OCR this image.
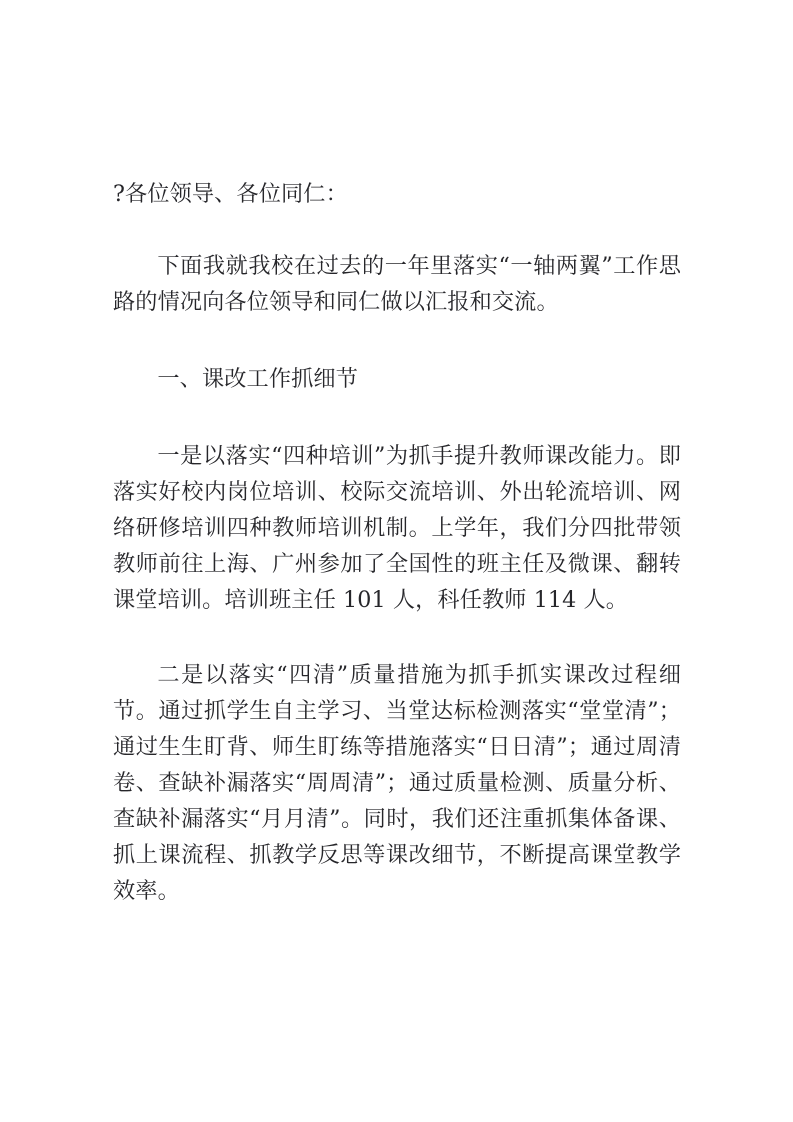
?各位领导、各位同仁：

下面我就我校在过去的一年里落实“一轴两翼”工作思路的情况向各位领导和同仁做以汇报和交流。

一、课改工作抓细节

一是以落实“四种培训”为抓手提升教师课改能力。即落实好校内岗位培训、校际交流培训、外出轮流培训、网络研修培训四种教师培训机制。上学年，我们分四批带领教师前往上海、广州参加了全国性的班主任及微课、翻转课堂培训。培训班主任 101 人，科任教师 114 人。

二是以落实“四清”质量措施为抓手抓实课改过程细节。通过抓学生自主学习、当堂达标检测落实“堂堂清”；通过生生盯背、师生盯练等措施落实“日日清”；通过周清卷、查缺补漏落实“周周清”；通过质量检测、质量分析、查缺补漏落实“月月清”。同时，我们还注重抓集体备课、抓上课流程、抓教学反思等课改细节，不断提高课堂教学效率。
